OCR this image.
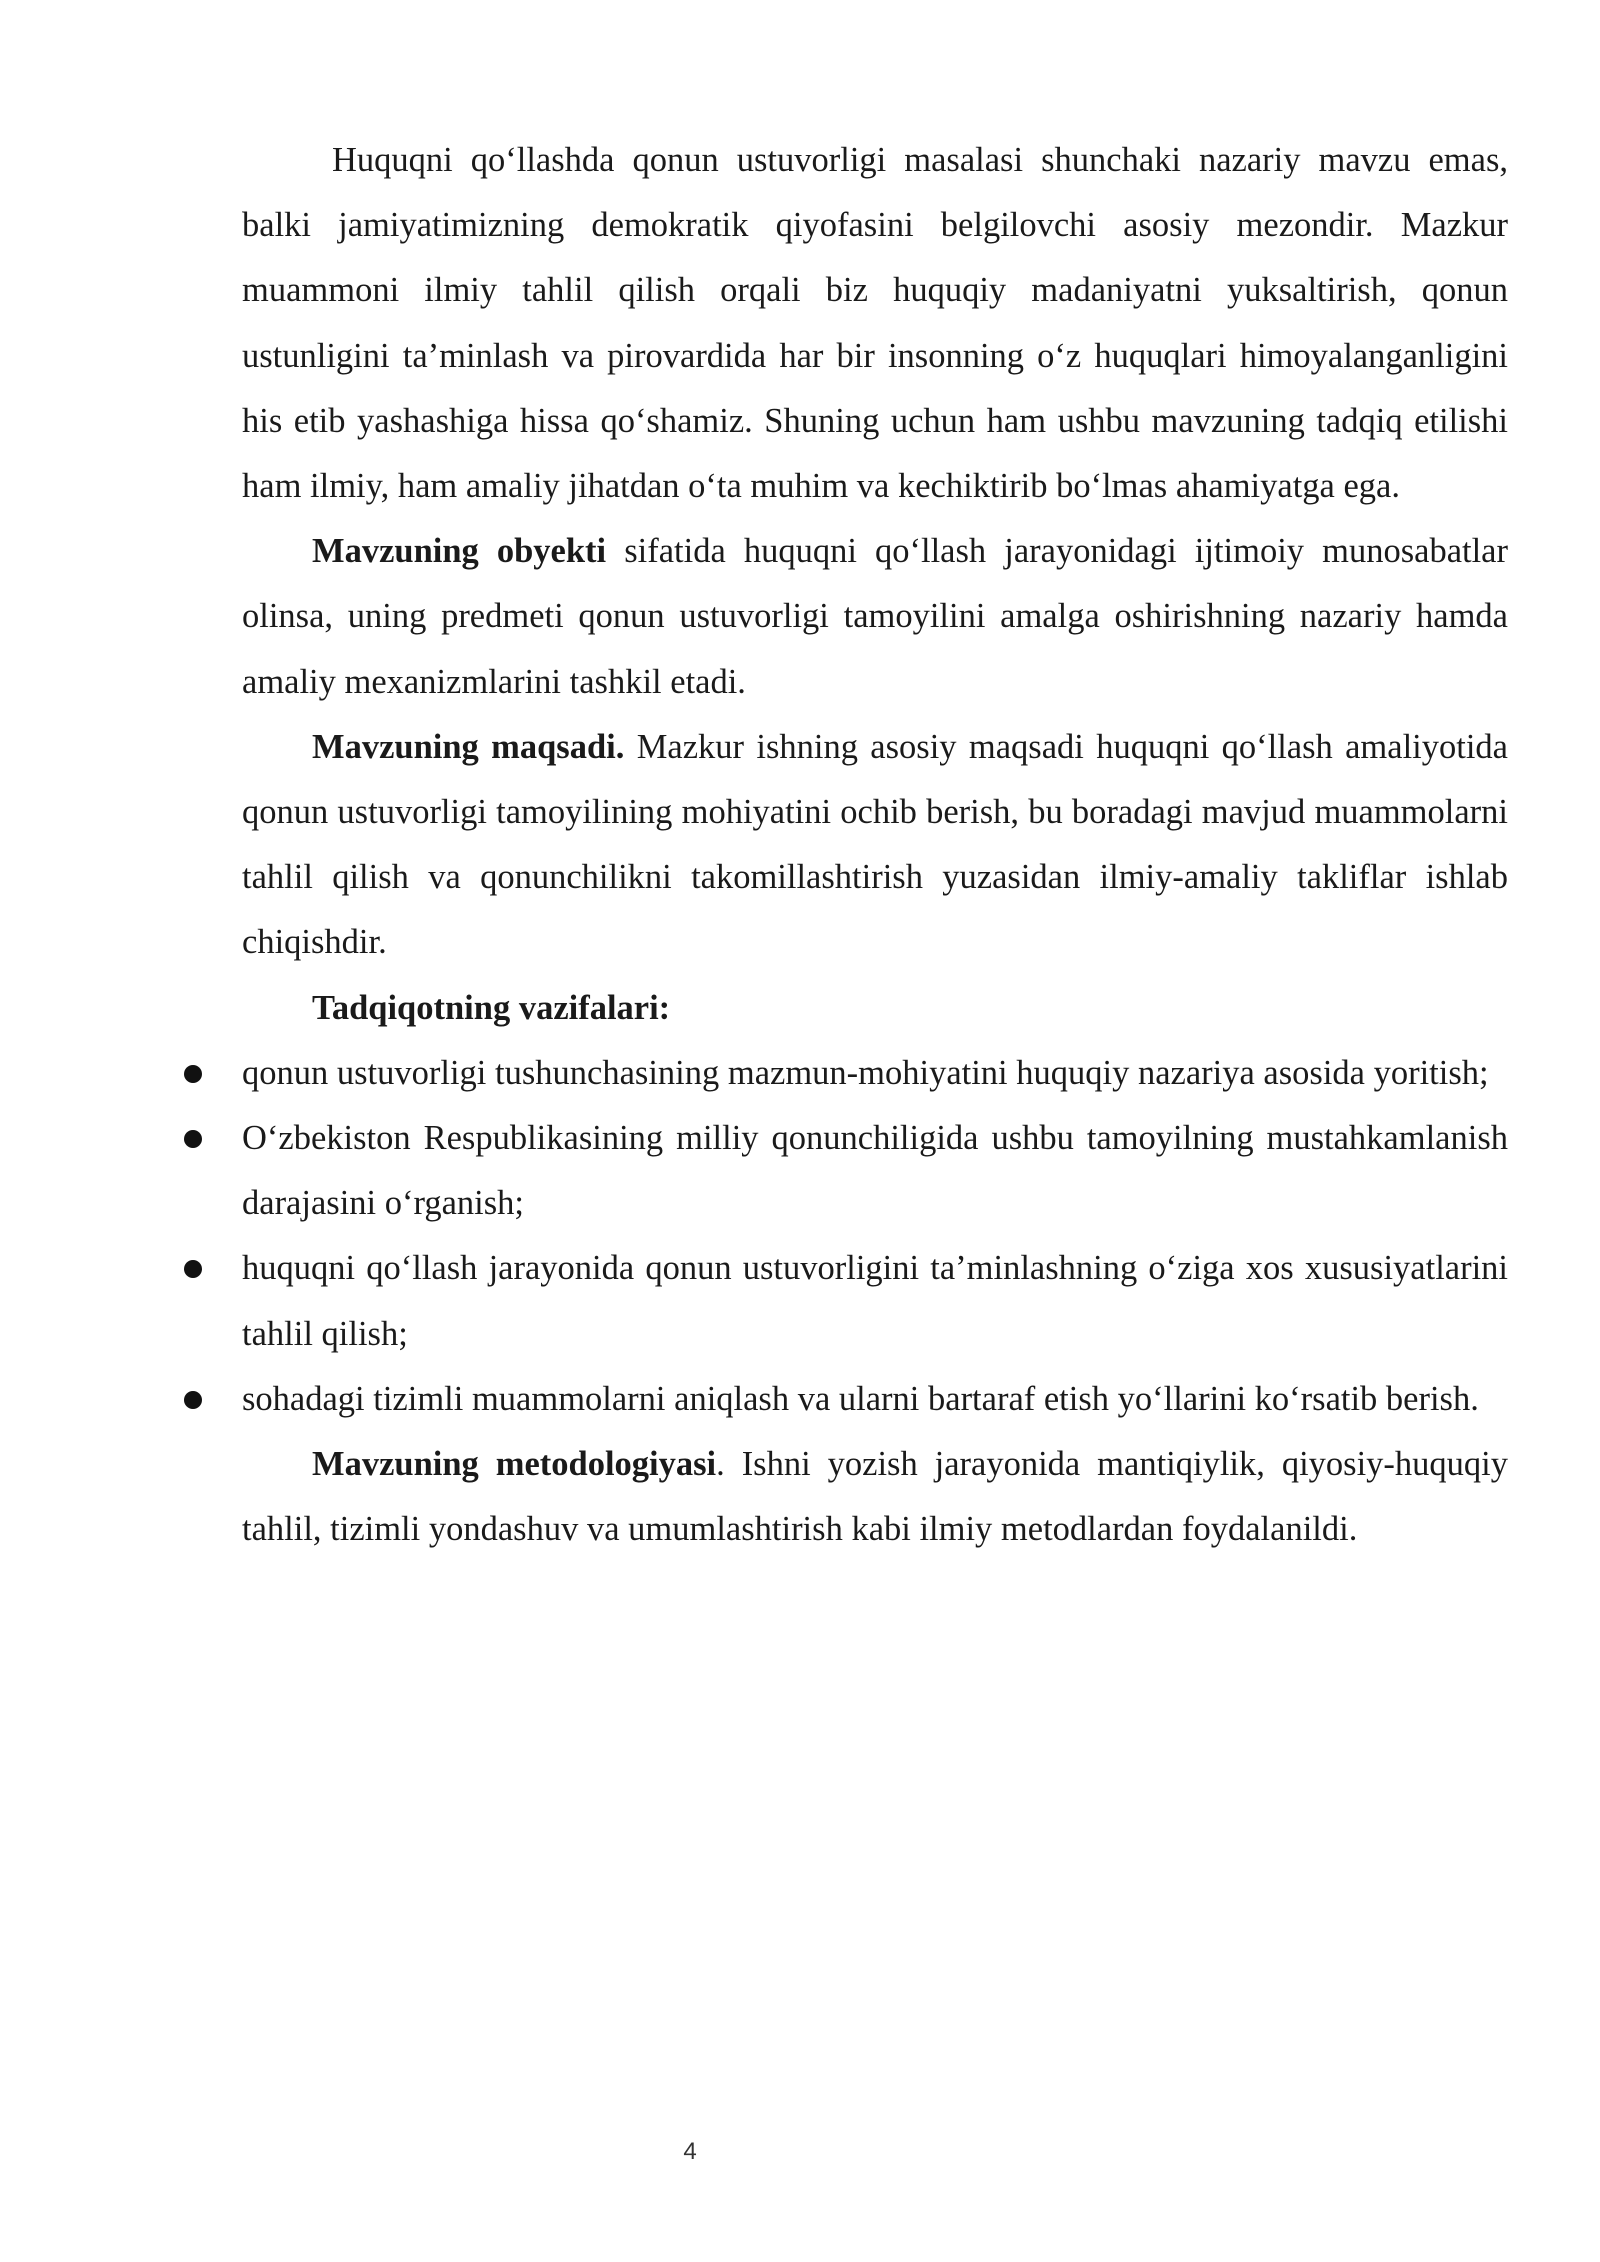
Huquqni qo‘llashda qonun ustuvorligi masalasi shunchaki nazariy mavzu emas, balki jamiyatimizning demokratik qiyofasini belgilovchi asosiy mezondir. Mazkur muammoni ilmiy tahlil qilish orqali biz huquqiy madaniyatni yuksaltirish, qonun ustunligini ta’minlash va pirovardida har bir insonning o‘z huquqlari himoyalanganligini his etib yashashiga hissa qo‘shamiz. Shuning uchun ham ushbu mavzuning tadqiq etilishi ham ilmiy, ham amaliy jihatdan o‘ta muhim va kechiktirib bo‘lmas ahamiyatga ega.

Mavzuning obyekti sifatida huquqni qo‘llash jarayonidagi ijtimoiy munosabatlar olinsa, uning predmeti qonun ustuvorligi tamoyilini amalga oshirishning nazariy hamda amaliy mexanizmlarini tashkil etadi.

Mavzuning maqsadi. Mazkur ishning asosiy maqsadi huquqni qo‘llash amaliyotida qonun ustuvorligi tamoyilining mohiyatini ochib berish, bu boradagi mavjud muammolarni tahlil qilish va qonunchilikni takomillashtirish yuzasidan ilmiy-amaliy takliflar ishlab chiqishdir.

Tadqiqotning vazifalari:
qonun ustuvorligi tushunchasining mazmun-mohiyatini huquqiy nazariya asosida yoritish;
O‘zbekiston Respublikasining milliy qonunchiligida ushbu tamoyilning mustahkamlanish darajasini o‘rganish;
huquqni qo‘llash jarayonida qonun ustuvorligini ta’minlashning o‘ziga xos xususiyatlarini tahlil qilish;
sohadagi tizimli muammolarni aniqlash va ularni bartaraf etish yo‘llarini ko‘rsatib berish.

Mavzuning metodologiyasi. Ishni yozish jarayonida mantiqiylik, qiyosiy-huquqiy tahlil, tizimli yondashuv va umumlashtirish kabi ilmiy metodlardan foydalanildi.

4
